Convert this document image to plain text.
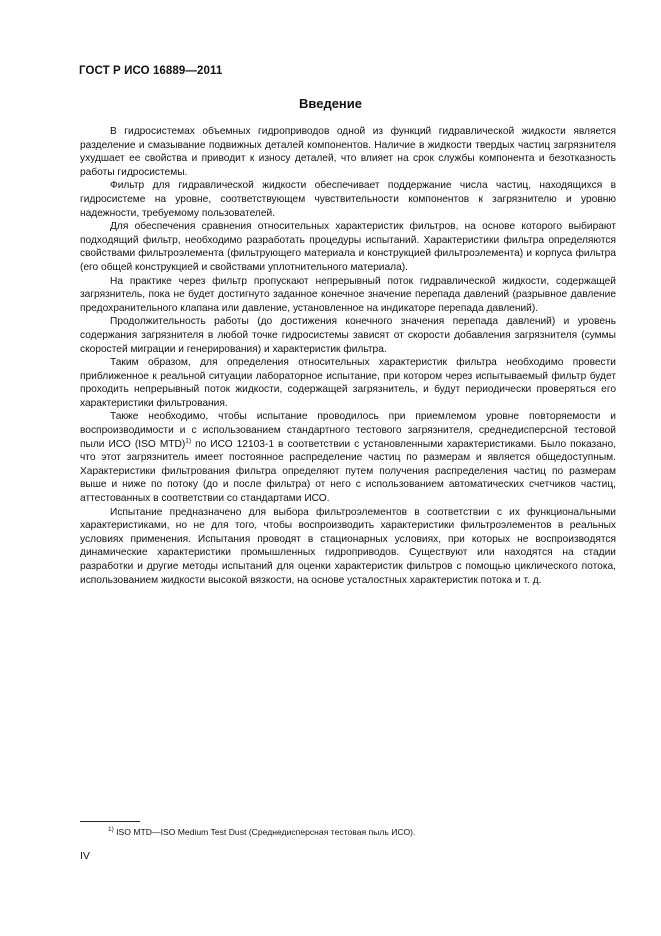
ГОСТ Р ИСО 16889—2011
Введение

В гидросистемах объемных гидроприводов одной из функций гидравлической жидкости является разделение и смазывание подвижных деталей компонентов. Наличие в жидкости твердых частиц загрязнителя ухудшает ее свойства и приводит к износу деталей, что влияет на срок службы компонента и безотказность работы гидросистемы.

Фильтр для гидравлической жидкости обеспечивает поддержание числа частиц, находящихся в гидросистеме на уровне, соответствующем чувствительности компонентов к загрязнителю и уровню надежности, требуемому пользователей.

Для обеспечения сравнения относительных характеристик фильтров, на основе которого выбирают подходящий фильтр, необходимо разработать процедуры испытаний. Характеристики фильтра определяются свойствами фильтроэлемента (фильтрующего материала и конструкцией фильтроэлемента) и корпуса фильтра (его общей конструкцией и свойствами уплотнительного материала).

На практике через фильтр пропускают непрерывный поток гидравлической жидкости, содержащей загрязнитель, пока не будет достигнуто заданное конечное значение перепада давлений (разрывное давление предохранительного клапана или давление, установленное на индикаторе перепада давлений).

Продолжительность работы (до достижения конечного значения перепада давлений) и уровень содержания загрязнителя в любой точке гидросистемы зависят от скорости добавления загрязнителя (суммы скоростей миграции и генерирования) и характеристик фильтра.

Таким образом, для определения относительных характеристик фильтра необходимо провести приближенное к реальной ситуации лабораторное испытание, при котором через испытываемый фильтр будет проходить непрерывный поток жидкости, содержащей загрязнитель, и будут периодически проверяться его характеристики фильтрования.

Также необходимо, чтобы испытание проводилось при приемлемом уровне повторяемости и воспроизводимости и с использованием стандартного тестового загрязнителя, среднедисперсной тестовой пыли ИСО (ISO MTD)$^{1)}$ по ИСО 12103-1 в соответствии с установленными характеристиками. Было показано, что этот загрязнитель имеет постоянное распределение частиц по размерам и является общедоступным. Характеристики фильтрования фильтра определяют путем получения распределения частиц по размерам выше и ниже по потоку (до и после фильтра) от него с использованием автоматических счетчиков частиц, аттестованных в соответствии со стандартами ИСО.

Испытание предназначено для выбора фильтроэлементов в соответствии с их функциональными характеристиками, но не для того, чтобы воспроизводить характеристики фильтроэлементов в реальных условиях применения. Испытания проводят в стационарных условиях, при которых не воспроизводятся динамические характеристики промышленных гидроприводов. Существуют или находятся на стадии разработки и другие методы испытаний для оценки характеристик фильтров с помощью циклического потока, использованием жидкости высокой вязкости, на основе усталостных характеристик потока и т. д.

$^{1)}$ ISO MTD—ISO Medium Test Dust (Среднедисперсная тестовая пыль ИСО).
IV
